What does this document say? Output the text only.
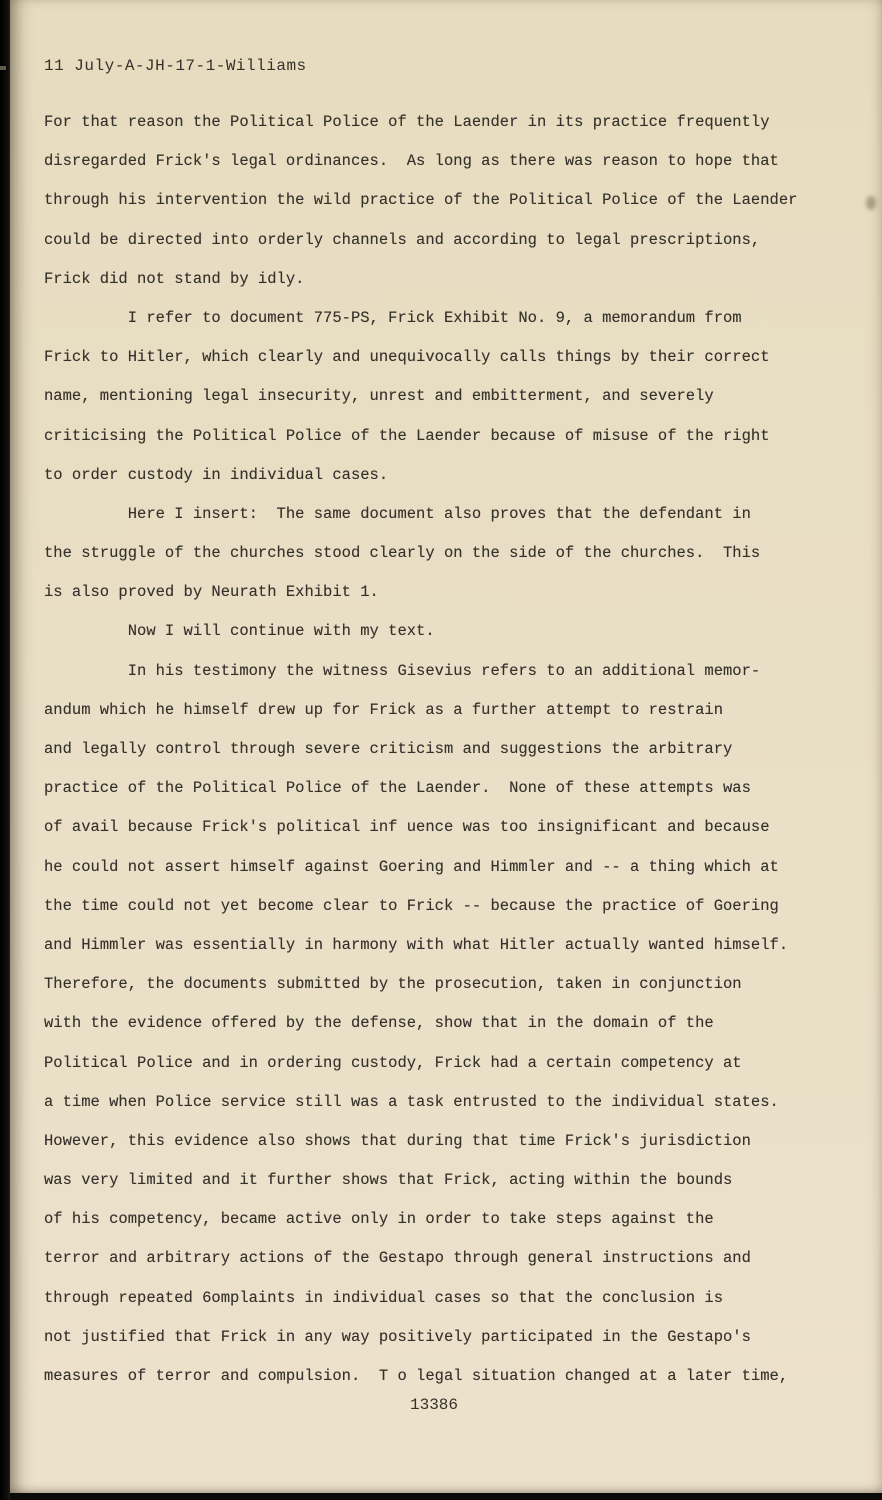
11 July-A-JH-17-1-Williams
For that reason the Political Police of the Laender in its practice frequently
disregarded Frick's legal ordinances.  As long as there was reason to hope that
through his intervention the wild practice of the Political Police of the Laender
could be directed into orderly channels and according to legal prescriptions,
Frick did not stand by idly.
I refer to document 775-PS, Frick Exhibit No. 9, a memorandum from
Frick to Hitler, which clearly and unequivocally calls things by their correct
name, mentioning legal insecurity, unrest and embitterment, and severely
criticising the Political Police of the Laender because of misuse of the right
to order custody in individual cases.
Here I insert:  The same document also proves that the defendant in
the struggle of the churches stood clearly on the side of the churches.  This
is also proved by Neurath Exhibit 1.
Now I will continue with my text.
In his testimony the witness Gisevius refers to an additional memor-
andum which he himself drew up for Frick as a further attempt to restrain
and legally control through severe criticism and suggestions the arbitrary
practice of the Political Police of the Laender.  None of these attempts was
of avail because Frick's political inf uence was too insignificant and because
he could not assert himself against Goering and Himmler and -- a thing which at
the time could not yet become clear to Frick -- because the practice of Goering
and Himmler was essentially in harmony with what Hitler actually wanted himself.
Therefore, the documents submitted by the prosecution, taken in conjunction
with the evidence offered by the defense, show that in the domain of the
Political Police and in ordering custody, Frick had a certain competency at
a time when Police service still was a task entrusted to the individual states.
However, this evidence also shows that during that time Frick's jurisdiction
was very limited and it further shows that Frick, acting within the bounds
of his competency, became active only in order to take steps against the
terror and arbitrary actions of the Gestapo through general instructions and
through repeated 6omplaints in individual cases so that the conclusion is
not justified that Frick in any way positively participated in the Gestapo's
measures of terror and compulsion.  T o legal situation changed at a later time,
13386
